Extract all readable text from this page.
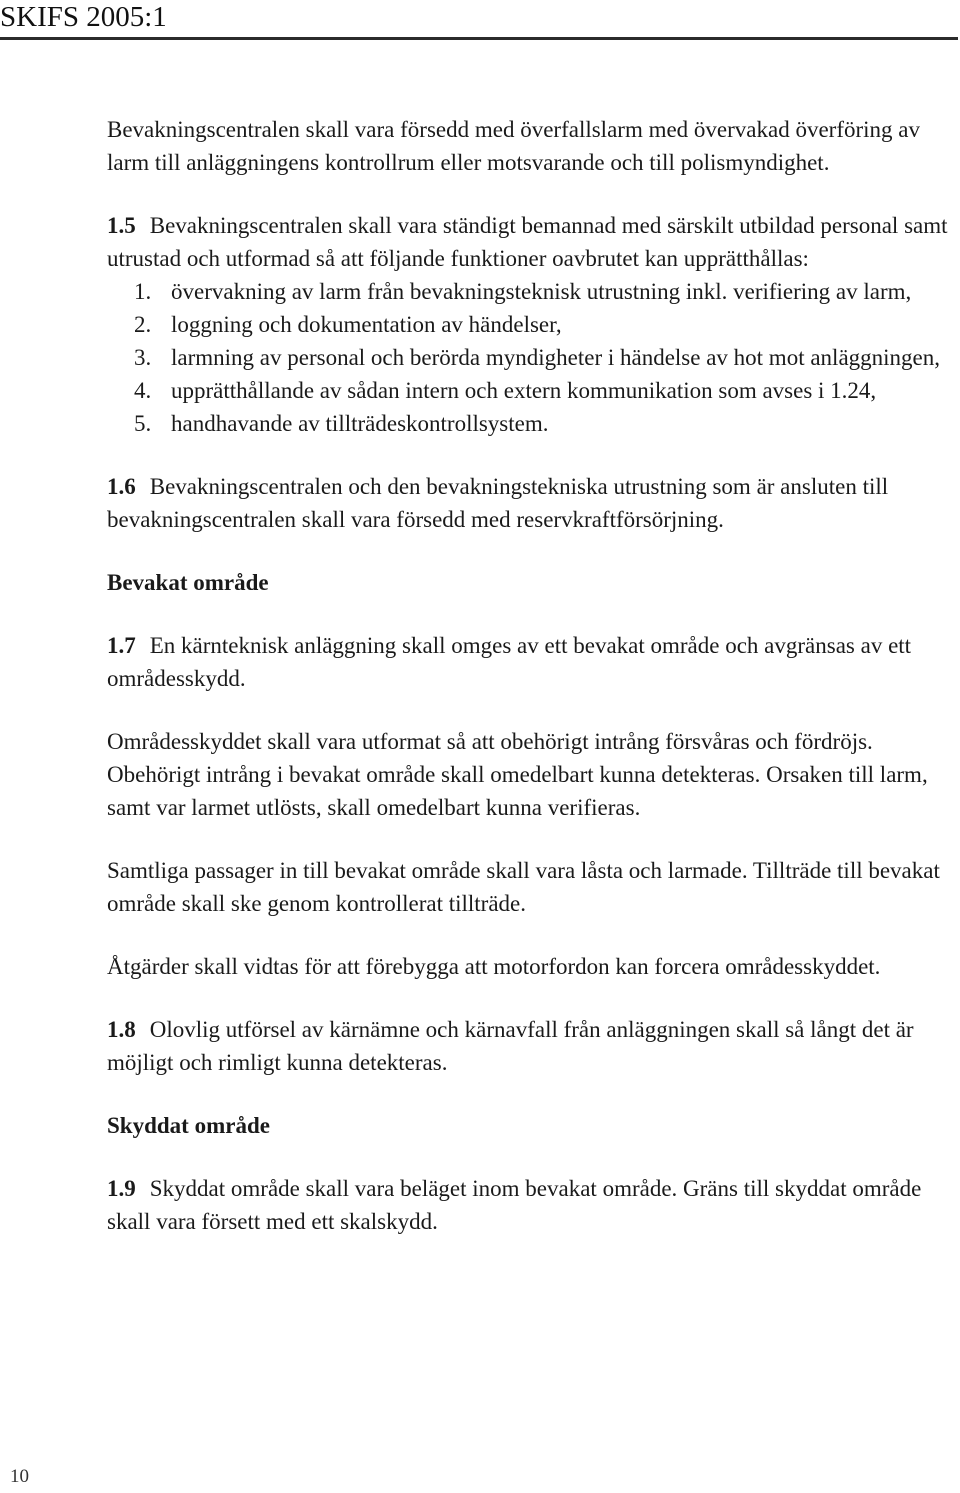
SKIFS 2005:1

Bevakningscentralen skall vara försedd med överfallslarm med övervakad överföring av larm till anläggningens kontrollrum eller motsvarande och till polismyndighet.

1.5 Bevakningscentralen skall vara ständigt bemannad med särskilt utbildad personal samt utrustad och utformad så att följande funktioner oavbrutet kan upprätthållas:

1. övervakning av larm från bevakningsteknisk utrustning inkl. verifiering av larm,
2. loggning och dokumentation av händelser,
3. larmning av personal och berörda myndigheter i händelse av hot mot anläggningen,
4. upprätthållande av sådan intern och extern kommunikation som avses i 1.24,
5. handhavande av tillträdeskontrollsystem.

1.6 Bevakningscentralen och den bevakningstekniska utrustning som är ansluten till bevakningscentralen skall vara försedd med reservkraftförsörjning.

Bevakat område

1.7 En kärnteknisk anläggning skall omges av ett bevakat område och avgränsas av ett områdesskydd.

Områdesskyddet skall vara utformat så att obehörigt intrång försvåras och fördröjs. Obehörigt intrång i bevakat område skall omedelbart kunna detekteras. Orsaken till larm, samt var larmet utlösts, skall omedelbart kunna verifieras.

Samtliga passager in till bevakat område skall vara låsta och larmade. Tillträde till bevakat område skall ske genom kontrollerat tillträde.

Åtgärder skall vidtas för att förebygga att motorfordon kan forcera områdesskyddet.

1.8 Olovlig utförsel av kärnämne och kärnavfall från anläggningen skall så långt det är möjligt och rimligt kunna detekteras.

Skyddat område

1.9 Skyddat område skall vara beläget inom bevakat område. Gräns till skyddat område skall vara försett med ett skalskydd.

10
